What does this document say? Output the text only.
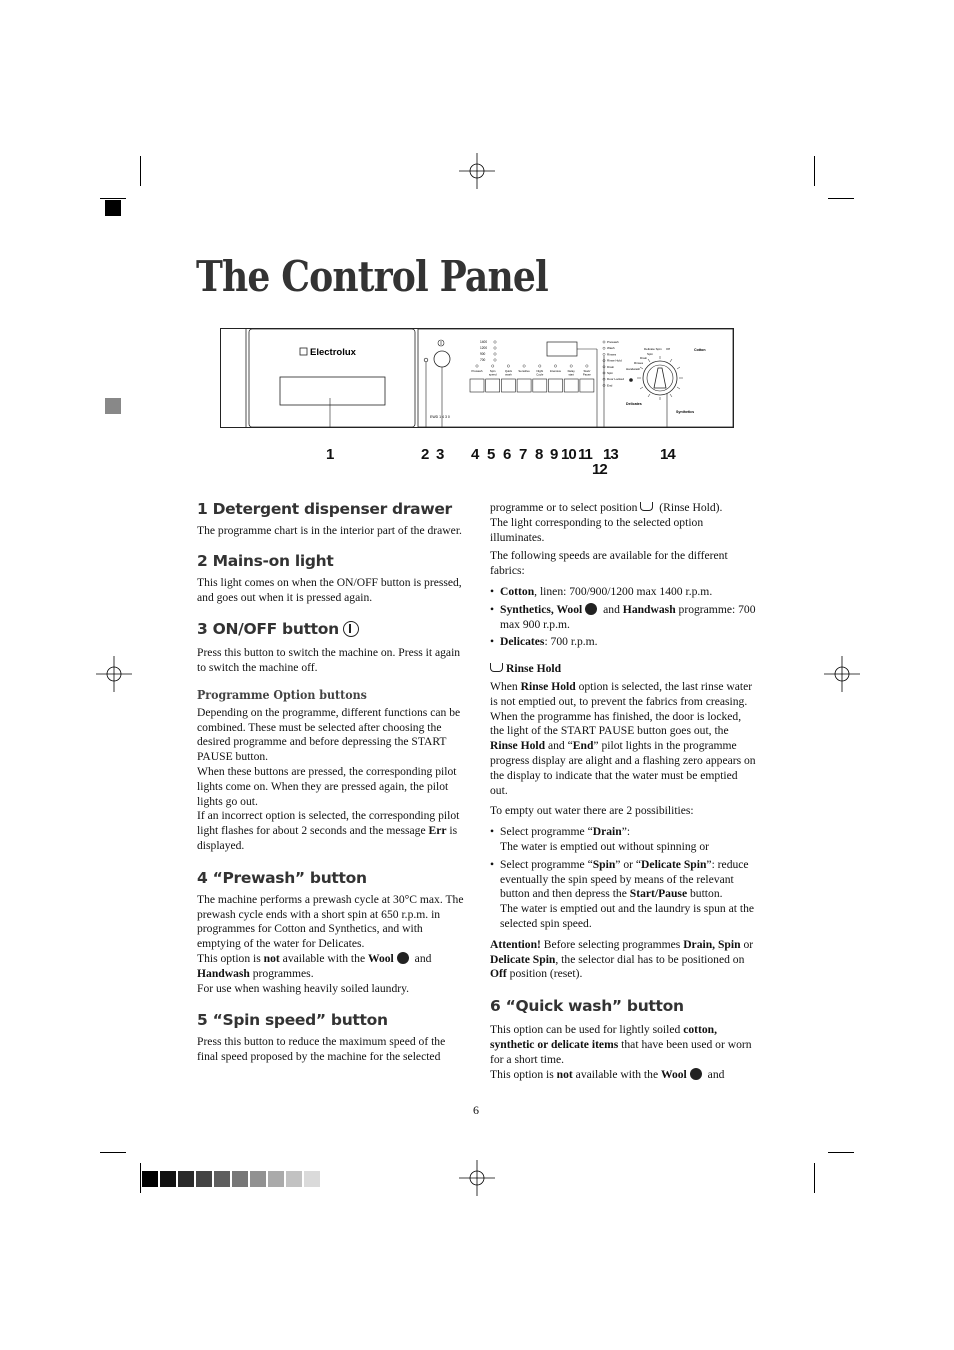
The Control Panel
Electrolux
EWD 1 4 3 0
1400
1200
900
700
Prewash	Spin
speed
Quick
wash
Sensitive Night
Cycle
Intensive Delay
start
Start/
Pause
Prewash
Wash
Rinses
Rinse Hold
Drain
Spin
Door Locked
End
Cotton
Delicates
Synthetics
Delicate Spin Off
Spin
Drain
Rinses
Handwash
1	2 3 4 5 6 7 8 9 10 11
12
13	14
1 Detergent dispenser drawer

The programme chart is in the interior part of the drawer.

2 Mains-on light

This light comes on when the ON/OFF button is pressed, and goes out when it is pressed again.

3 ON/OFF button

Press this button to switch the machine on. Press it again to switch the machine off.

Programme Option buttons

Depending on the programme, different functions can be combined. These must be selected after choosing the desired programme and before depressing the START PAUSE button.

When these buttons are pressed, the corresponding pilot lights come on. When they are pressed again, the pilot lights go out.

If an incorrect option is selected, the corresponding pilot light flashes for about 2 seconds and the message Err is displayed.

4 “Prewash” button

The machine performs a prewash cycle at 30°C max. The prewash cycle ends with a short spin at 650 r.p.m. in programmes for Cotton and Synthetics, and with emptying of the water for Delicates.

This option is not available with the Wool and Handwash programmes.

For use when washing heavily soiled laundry.

5 “Spin speed” button

Press this button to reduce the maximum speed of the final speed proposed by the machine for the selected

programme or to select position  (Rinse Hold).
The light corresponding to the selected option illuminates.

The following speeds are available for the different fabrics:

• Cotton, linen: 700/900/1200 max 1400 r.p.m.
• Synthetics, Wool and Handwash programme: 700 max 900 r.p.m.
• Delicates: 700 r.p.m.
Rinse Hold

When Rinse Hold option is selected, the last rinse water is not emptied out, to prevent the fabrics from creasing. When the programme has finished, the door is locked, the light of the START PAUSE button goes out, the Rinse Hold and “End” pilot lights in the programme progress display are alight and a flashing zero appears on the display to indicate that the water must be emptied out.

To empty out water there are 2 possibilities:

• Select programme “Drain”:
The water is emptied out without spinning or
• Select programme “Spin” or “Delicate Spin”: reduce eventually the spin speed by means of the relevant button and then depress the Start/Pause button.
The water is emptied out and the laundry is spun at the selected spin speed.

Attention! Before selecting programmes Drain, Spin or Delicate Spin, the selector dial has to be positioned on Off position (reset).

6 “Quick wash” button

This option can be used for lightly soiled cotton, synthetic or delicate items that have been used or worn for a short time.

This option is not available with the Wool and

6
